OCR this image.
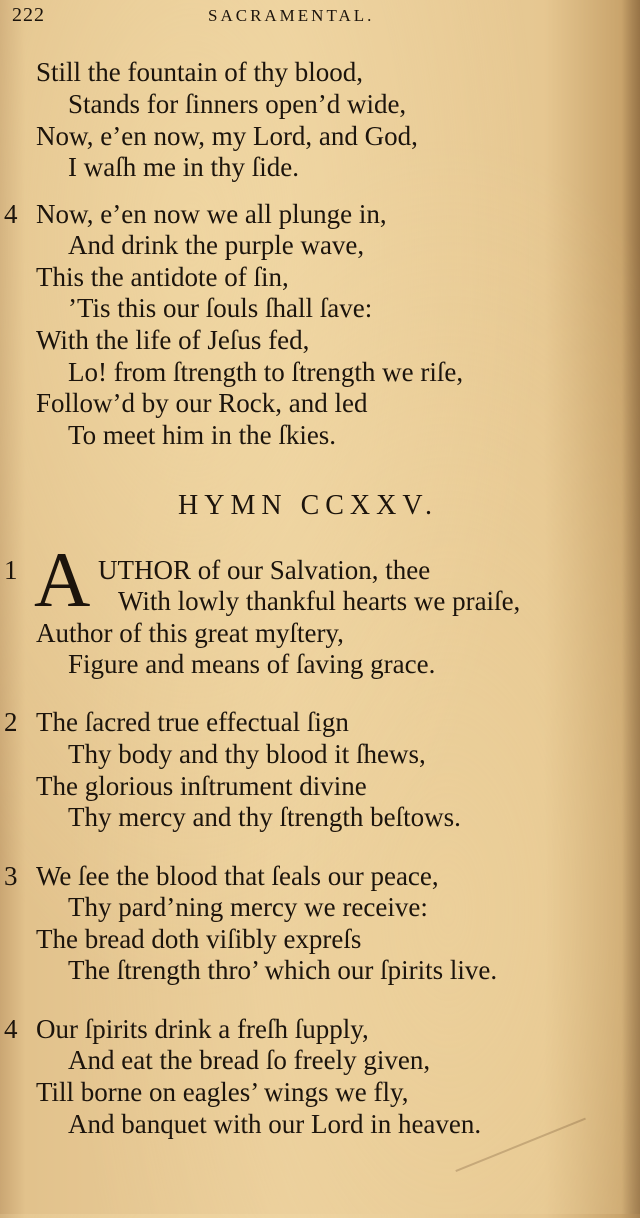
222	SACRAMENTAL.
Still the fountain of thy blood,
Stands for ſinners open’d wide,
Now, e’en now, my Lord, and God,
I waſh me in thy ſide.
4 Now, e’en now we all plunge in,
And drink the purple wave,
This the antidote of ſin,
’Tis this our ſouls ſhall ſave:
With the life of Jeſus fed,
Lo! from ſtrength to ſtrength we riſe,
Follow’d by our Rock, and led
To meet him in the ſkies.
HYMN CCXXV.
1 A UTHOR of our Salvation, thee
With lowly thankful hearts we praiſe,
Author of this great myſtery,
Figure and means of ſaving grace.
2 The ſacred true effectual ſign
Thy body and thy blood it ſhews,
The glorious inſtrument divine
Thy mercy and thy ſtrength beſtows.
3 We ſee the blood that ſeals our peace,
Thy pard’ning mercy we receive:
The bread doth viſibly expreſs
The ſtrength thro’ which our ſpirits live.
4 Our ſpirits drink a freſh ſupply,
And eat the bread ſo freely given,
Till borne on eagles’ wings we fly,
And banquet with our Lord in heaven.
